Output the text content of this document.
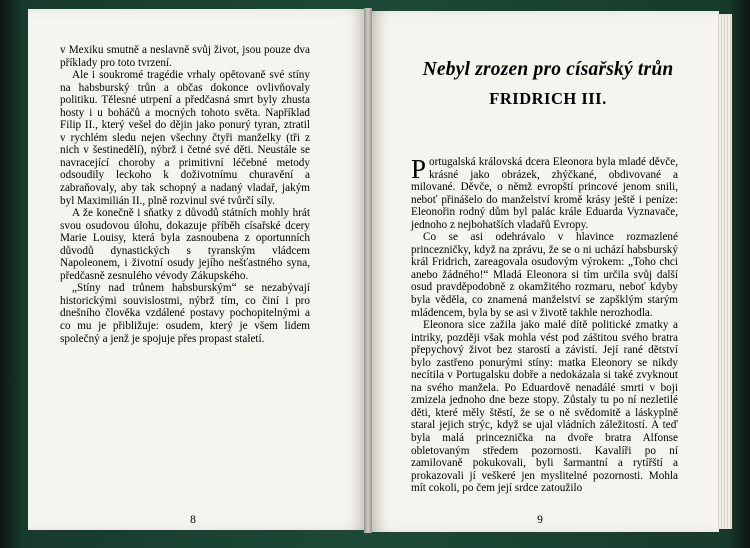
v Mexiku smutně a neslavně svůj život, jsou pouze dva příklady pro toto tvrzení.

Ale i soukromé tragédie vrhaly opětovaně své stíny na habsburský trůn a občas dokonce ovlivňovaly politiku. Tělesné utrpení a předčasná smrt byly zhusta hosty i u boháčů a mocných tohoto světa. Například Filip II., který vešel do dějin jako ponurý tyran, ztratil v rychlém sledu nejen všechny čtyři manželky (tři z nich v šestinedělí), nýbrž i četné své děti. Neustále se navracející choroby a primitivní léčebné metody odsoudily leckoho k doživotnímu churavění a zabraňovaly, aby tak schopný a nadaný vladař, jakým byl Maximilián II., plně rozvinul své tvůrčí síly.

A že konečně i sňatky z důvodů státních mohly hrát svou osudovou úlohu, dokazuje příběh císařské dcery Marie Louisy, která byla zasnoubena z oportunních důvodů dynastických s tyranským vládcem Napoleonem, i životní osudy jejího nešťastného syna, předčasně zesnulého vévody Zákupského.

„Stíny nad trůnem habsburským“ se nezabývají historickými souvislostmi, nýbrž tím, co činí i pro dnešního člověka vzdálené postavy pochopitelnými a co mu je přibližuje: osudem, který je všem lidem společný a jenž je spojuje přes propast staletí.

8
Nebyl zrozen pro císařský trůn
FRIDRICH III.

Portugalská královská dcera Eleonora byla mladé děvče, krásné jako obrázek, zhýčkané, obdivované a milované. Děvče, o němž evropští princové jenom snili, neboť přinášelo do manželství kromě krásy ještě i peníze: Eleonořin rodný dům byl palác krále Eduarda Vyznavače, jednoho z nejbohatších vladařů Evropy.

Co se asi odehrávalo v hlavince rozmazlené princezničky, když na zprávu, že se o ni uchází habsburský král Fridrich, zareagovala osudovým výrokem: „Toho chci anebo žádného!“ Mladá Eleonora si tím určila svůj další osud pravděpodobně z okamžitého rozmaru, neboť kdyby byla věděla, co znamená manželství se zapšklým starým mládencem, byla by se asi v životě takhle nerozhodla.

Eleonora sice zažila jako malé dítě politické zmatky a intriky, později však mohla vést pod záštitou svého bratra přepychový život bez starostí a závistí. Její rané dětství bylo zastřeno ponurými stíny: matka Eleonory se nikdy necítila v Portugalsku dobře a nedokázala si také zvyknout na svého manžela. Po Eduardově nenadálé smrti v boji zmizela jednoho dne beze stopy. Zůstaly tu po ní nezletilé děti, které měly štěstí, že se o ně svědomitě a láskyplně staral jejich strýc, když se ujal vládních záležitostí. A teď byla malá princeznička na dvoře bratra Alfonse obletovaným středem pozornosti. Kavalíři po ní zamilovaně pokukovali, byli šarmantní a rytířští a prokazovali jí veškeré jen myslitelné pozornosti. Mohla mít cokoli, po čem její srdce zatoužilo

9
